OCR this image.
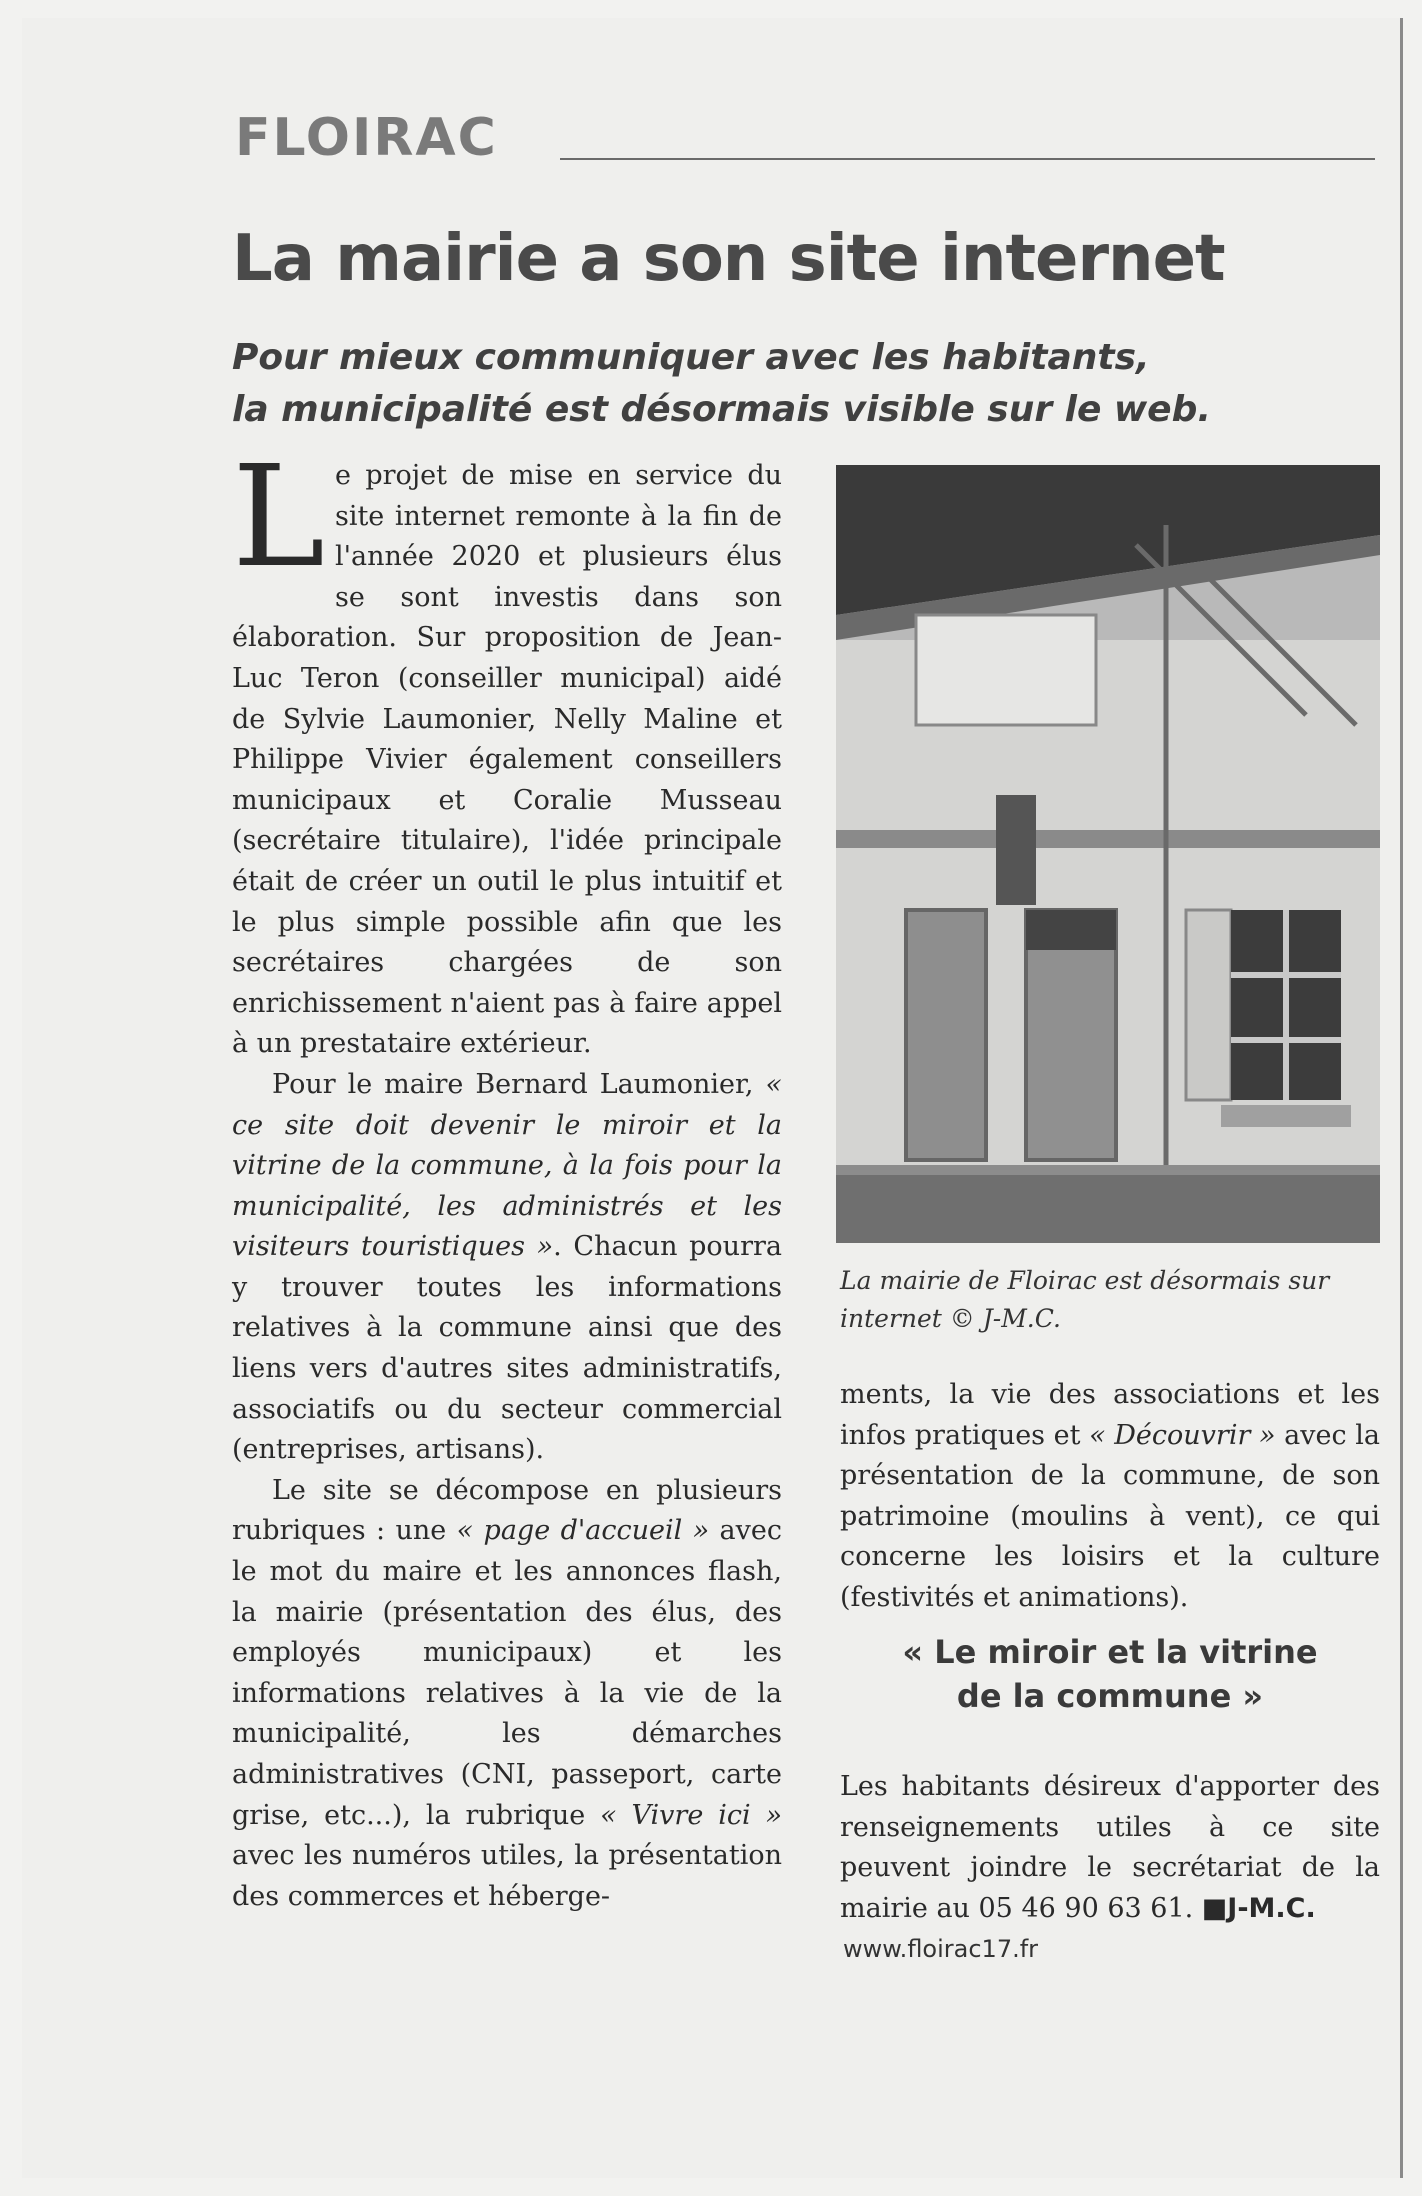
FLOIRAC
La mairie a son site internet
Pour mieux communiquer avec les habitants,
la municipalité est désormais visible sur le web.

Le projet de mise en service du site internet remonte à la fin de l'année 2020 et plusieurs élus se sont investis dans son élaboration. Sur proposition de Jean-Luc Teron (conseiller municipal) aidé de Sylvie Laumonier, Nelly Maline et Philippe Vivier également conseillers municipaux et Coralie Musseau (secrétaire titulaire), l'idée principale était de créer un outil le plus intuitif et le plus simple possible afin que les secrétaires chargées de son enrichissement n'aient pas à faire appel à un prestataire extérieur.

Pour le maire Bernard Laumonier, « ce site doit devenir le miroir et la vitrine de la commune, à la fois pour la municipalité, les administrés et les visiteurs touristiques ». Chacun pourra y trouver toutes les informations relatives à la commune ainsi que des liens vers d'autres sites administratifs, associatifs ou du secteur commercial (entreprises, artisans).

Le site se décompose en plusieurs rubriques : une « page d'accueil » avec le mot du maire et les annonces flash, la mairie (présentation des élus, des employés municipaux) et les informations relatives à la vie de la municipalité, les démarches administratives (CNI, passeport, carte grise, etc...), la rubrique « Vivre ici » avec les numéros utiles, la présentation des commerces et héberge-

La mairie de Floirac est désormais sur internet © J-M.C.

ments, la vie des associations et les infos pratiques et « Découvrir » avec la présentation de la commune, de son patrimoine (moulins à vent), ce qui concerne les loisirs et la culture (festivités et animations).

« Le miroir et la vitrine
de la commune »

Les habitants désireux d'apporter des renseignements utiles à ce site peuvent joindre le secrétariat de la mairie au 05 46 90 63 61. ■J-M.C.

www.floirac17.fr
